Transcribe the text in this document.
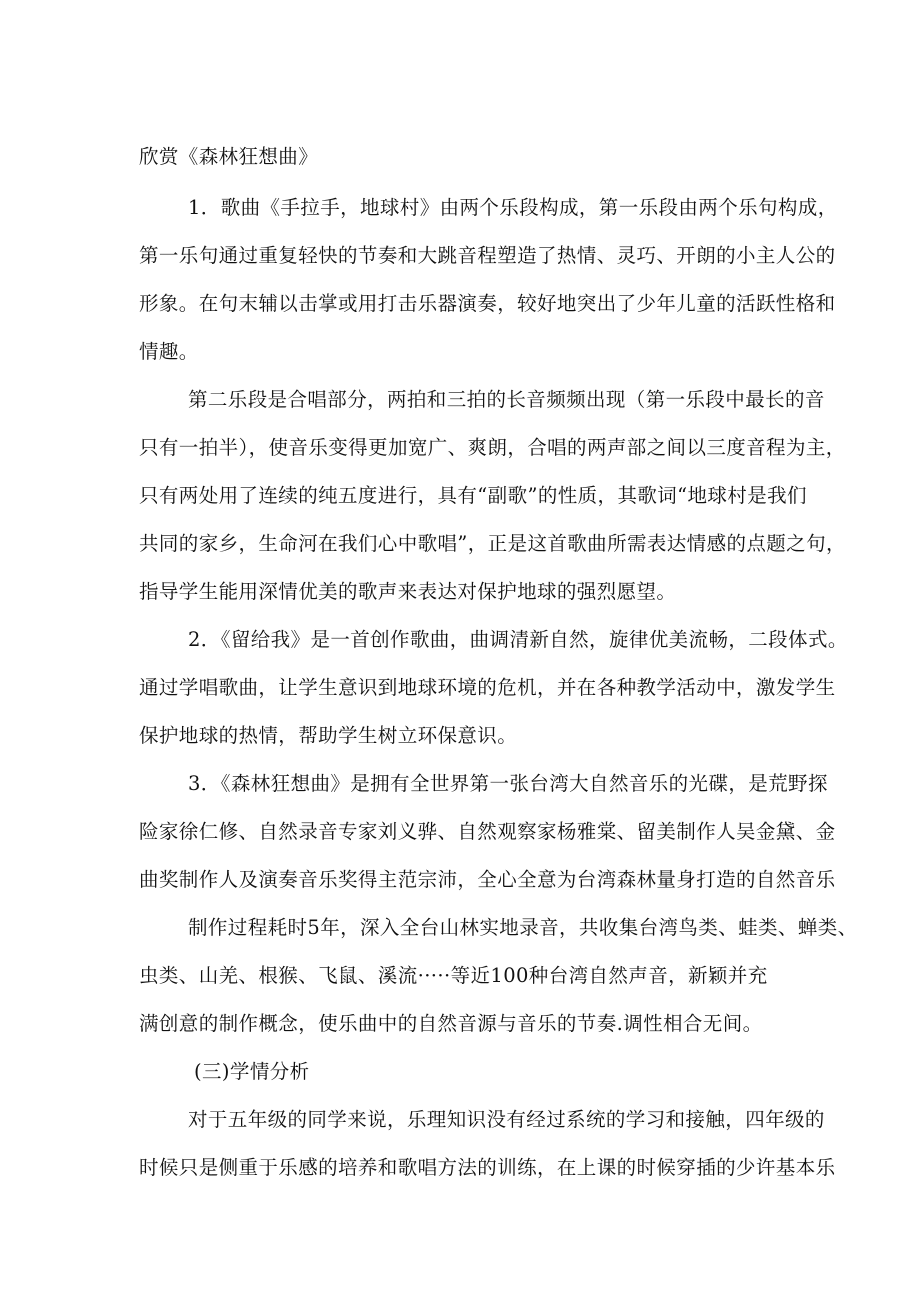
欣赏《森林狂想曲》
1．歌曲《手拉手，地球村》由两个乐段构成，第一乐段由两个乐句构成，
第一乐句通过重复轻快的节奏和大跳音程塑造了热情、灵巧、开朗的小主人公的
形象。在句末辅以击掌或用打击乐器演奏，较好地突出了少年儿童的活跃性格和
情趣。
第二乐段是合唱部分，两拍和三拍的长音频频出现（第一乐段中最长的音
只有一拍半），使音乐变得更加宽广、爽朗，合唱的两声部之间以三度音程为主，
只有两处用了连续的纯五度进行，具有“副歌”的性质，其歌词“地球村是我们
共同的家乡，生命河在我们心中歌唱”，正是这首歌曲所需表达情感的点题之句，
指导学生能用深情优美的歌声来表达对保护地球的强烈愿望。
2．《留给我》是一首创作歌曲，曲调清新自然，旋律优美流畅，二段体式。
通过学唱歌曲，让学生意识到地球环境的危机，并在各种教学活动中，激发学生
保护地球的热情，帮助学生树立环保意识。
3．《森林狂想曲》是拥有全世界第一张台湾大自然音乐的光碟，是荒野探
险家徐仁修、自然录音专家刘义骅、自然观察家杨雅棠、留美制作人吴金黛、金
曲奖制作人及演奏音乐奖得主范宗沛，全心全意为台湾森林量身打造的自然音乐
制作过程耗时5年，深入全台山林实地录音，共收集台湾鸟类、蛙类、蝉类、
虫类、山羌、根猴、飞鼠、溪流·····等近100种台湾自然声音，新颖并充
满创意的制作概念，使乐曲中的自然音源与音乐的节奏.调性相合无间。
(三)学情分析
对于五年级的同学来说，乐理知识没有经过系统的学习和接触，四年级的
时候只是侧重于乐感的培养和歌唱方法的训练，在上课的时候穿插的少许基本乐
